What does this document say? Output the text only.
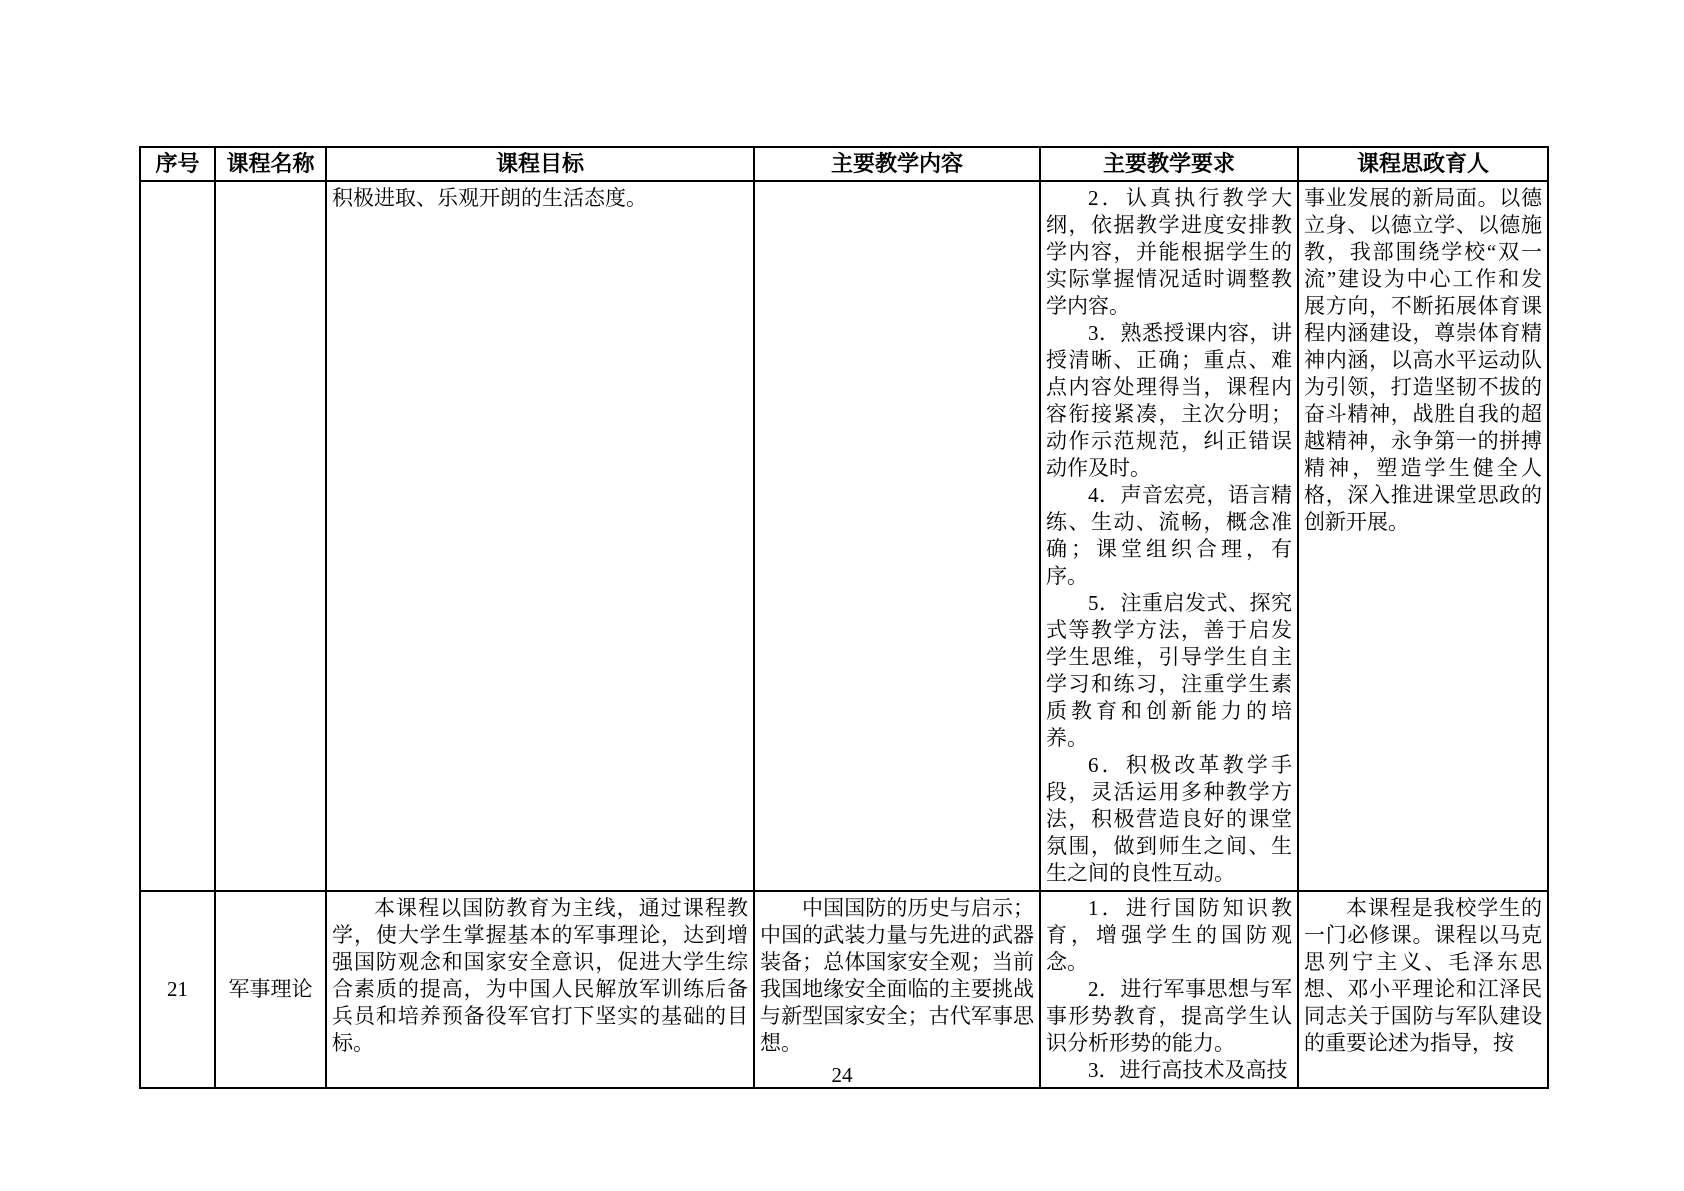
序号	课程名称	课程目标	主要教学内容	主要教学要求	课程思政育人

		积极进取、乐观开朗的生活态度。		2．认真执行教学大纲，依据教学进度安排教学内容，并能根据学生的实际掌握情况适时调整教学内容。

3．熟悉授课内容，讲授清晰、正确；重点、难点内容处理得当，课程内容衔接紧凑，主次分明；动作示范规范，纠正错误动作及时。

4．声音宏亮，语言精练、生动、流畅，概念准确；课堂组织合理，有序。

5．注重启发式、探究式等教学方法，善于启发学生思维，引导学生自主学习和练习，注重学生素质教育和创新能力的培养。

6．积极改革教学手段，灵活运用多种教学方法，积极营造良好的课堂氛围，做到师生之间、生生之间的良性互动。	事业发展的新局面。以德立身、以德立学、以德施教，我部围绕学校“双一流”建设为中心工作和发展方向，不断拓展体育课程内涵建设，尊崇体育精神内涵，以高水平运动队为引领，打造坚韧不拔的奋斗精神，战胜自我的超越精神，永争第一的拼搏精神，塑造学生健全人格，深入推进课堂思政的创新开展。

21	军事理论	本课程以国防教育为主线，通过课程教学，使大学生掌握基本的军事理论，达到增强国防观念和国家安全意识，促进大学生综合素质的提高，为中国人民解放军训练后备兵员和培养预备役军官打下坚实的基础的目标。	中国国防的历史与启示；中国的武装力量与先进的武器装备；总体国家安全观；当前我国地缘安全面临的主要挑战与新型国家安全；古代军事思想。	1．进行国防知识教育，增强学生的国防观念。

2．进行军事思想与军事形势教育，提高学生认识分析形势的能力。

3．进行高技术及高技	本课程是我校学生的一门必修课。课程以马克思列宁主义、毛泽东思想、邓小平理论和江泽民同志关于国防与军队建设的重要论述为指导，按

24
